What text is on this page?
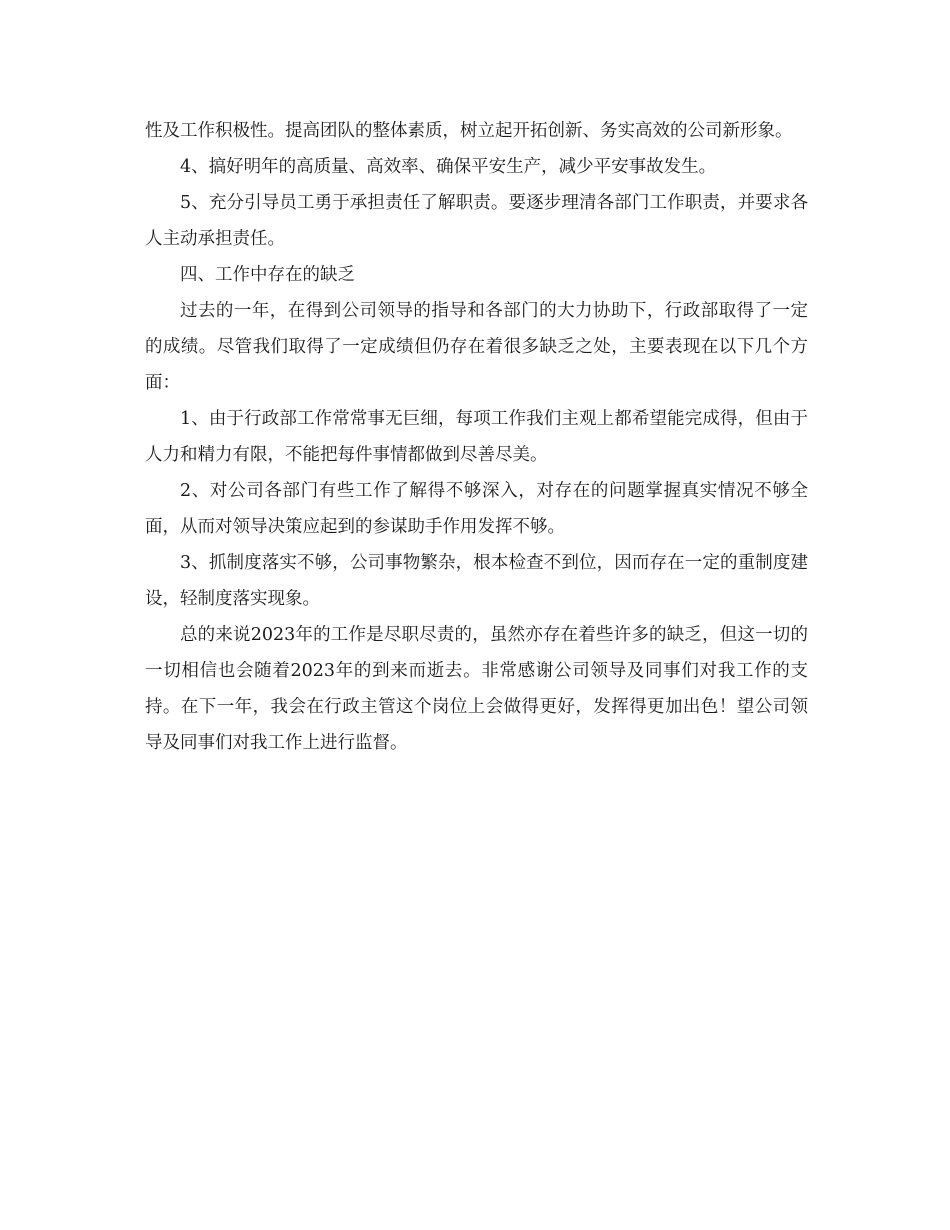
性及工作积极性。提高团队的整体素质，树立起开拓创新、务实高效的公司新形象。

4、搞好明年的高质量、高效率、确保平安生产，减少平安事故发生。

5、充分引导员工勇于承担责任了解职责。要逐步理清各部门工作职责，并要求各人主动承担责任。

四、工作中存在的缺乏

过去的一年，在得到公司领导的指导和各部门的大力协助下，行政部取得了一定的成绩。尽管我们取得了一定成绩但仍存在着很多缺乏之处，主要表现在以下几个方面：

1、由于行政部工作常常事无巨细，每项工作我们主观上都希望能完成得，但由于人力和精力有限，不能把每件事情都做到尽善尽美。

2、对公司各部门有些工作了解得不够深入，对存在的问题掌握真实情况不够全面，从而对领导决策应起到的参谋助手作用发挥不够。

3、抓制度落实不够，公司事物繁杂，根本检查不到位，因而存在一定的重制度建设，轻制度落实现象。

总的来说2023年的工作是尽职尽责的，虽然亦存在着些许多的缺乏，但这一切的一切相信也会随着2023年的到来而逝去。非常感谢公司领导及同事们对我工作的支持。在下一年，我会在行政主管这个岗位上会做得更好，发挥得更加出色！望公司领导及同事们对我工作上进行监督。
